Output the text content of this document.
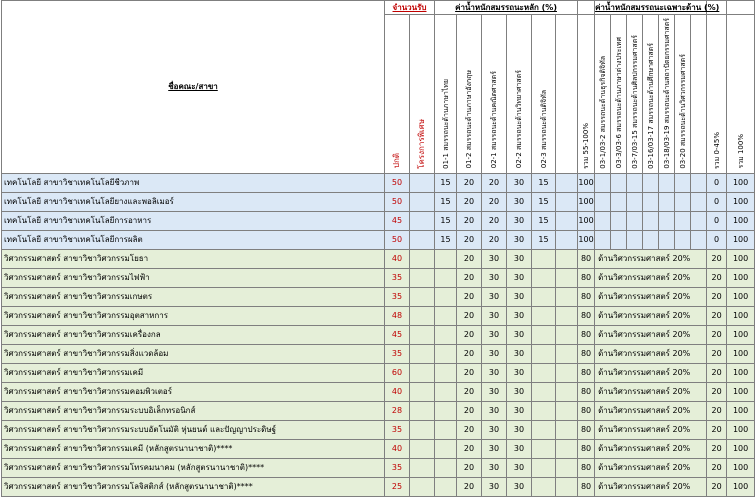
ชื่อคณะ/สาขา	จำนวนรับ		ค่าน้ำหนักสมรรถนะหลัก (%)							ค่าน้ำหนักสมรรถนะเฉพาะด้าน (%)								
	ปกติ	โครงการพิเศษ	01-1 สมรรถนะด้านภาษาไทย	01-2 สมรรถนะด้านภาษาอังกฤษ	02-1 สมรรถนะด้านคณิตศาสตร์	02-2 สมรรถนะด้านวิทยาศาสตร์	02-3 สมรรถนะด้านดิจิทัล		รวม 55-100%	03-1/03-2 สมรรถนะด้านธุรกิจดิจิทัล	03-3/03-6 สมรรถนะด้านภาษาต่างประเทศ	03-7/03-15 สมรรถนะด้านศิลปกรรมศาสตร์	03-16/03-17 สมรรถนะด้านศึกษาศาสตร์	03-18/03-19 สมรรถนะด้านสถาปัตยกรรมศาสตร์	03-20 สมรรถนะด้านวิศวกรรมศาสตร์		รวม 0-45%	รวม 100%
เทคโนโลยี สาขาวิชาเทคโนโลยีชีวภาพ	50		15	20	20	30	15		100								0	100
เทคโนโลยี สาขาวิชาเทคโนโลยียางและพอลิเมอร์	50		15	20	20	30	15		100								0	100
เทคโนโลยี สาขาวิชาเทคโนโลยีการอาหาร	45		15	20	20	30	15		100								0	100
เทคโนโลยี สาขาวิชาเทคโนโลยีการผลิต	50		15	20	20	30	15		100								0	100
วิศวกรรมศาสตร์ สาขาวิชาวิศวกรรมโยธา	40			20	30	30			80	ด้านวิศวกรรมศาสตร์ 20%							20	100
วิศวกรรมศาสตร์ สาขาวิชาวิศวกรรมไฟฟ้า	35			20	30	30			80	ด้านวิศวกรรมศาสตร์ 20%							20	100
วิศวกรรมศาสตร์ สาขาวิชาวิศวกรรมเกษตร	35			20	30	30			80	ด้านวิศวกรรมศาสตร์ 20%							20	100
วิศวกรรมศาสตร์ สาขาวิชาวิศวกรรมอุตสาหการ	48			20	30	30			80	ด้านวิศวกรรมศาสตร์ 20%							20	100
วิศวกรรมศาสตร์ สาขาวิชาวิศวกรรมเครื่องกล	45			20	30	30			80	ด้านวิศวกรรมศาสตร์ 20%							20	100
วิศวกรรมศาสตร์ สาขาวิชาวิศวกรรมสิ่งแวดล้อม	35			20	30	30			80	ด้านวิศวกรรมศาสตร์ 20%							20	100
วิศวกรรมศาสตร์ สาขาวิชาวิศวกรรมเคมี	60			20	30	30			80	ด้านวิศวกรรมศาสตร์ 20%							20	100
วิศวกรรมศาสตร์ สาขาวิชาวิศวกรรมคอมพิวเตอร์	40			20	30	30			80	ด้านวิศวกรรมศาสตร์ 20%							20	100
วิศวกรรมศาสตร์ สาขาวิชาวิศวกรรมระบบอิเล็กทรอนิกส์	28			20	30	30			80	ด้านวิศวกรรมศาสตร์ 20%							20	100
วิศวกรรมศาสตร์ สาขาวิชาวิศวกรรมระบบอัตโนมัติ หุ่นยนต์ และปัญญาประดิษฐ์	35			20	30	30			80	ด้านวิศวกรรมศาสตร์ 20%							20	100
วิศวกรรมศาสตร์ สาขาวิชาวิศวกรรมเคมี (หลักสูตรนานาชาติ)****	40			20	30	30			80	ด้านวิศวกรรมศาสตร์ 20%							20	100
วิศวกรรมศาสตร์ สาขาวิชาวิศวกรรมโทรคมนาคม (หลักสูตรนานาชาติ)****	35			20	30	30			80	ด้านวิศวกรรมศาสตร์ 20%							20	100
วิศวกรรมศาสตร์ สาขาวิชาวิศวกรรมโลจิสติกส์ (หลักสูตรนานาชาติ)****	25			20	30	30			80	ด้านวิศวกรรมศาสตร์ 20%							20	100
